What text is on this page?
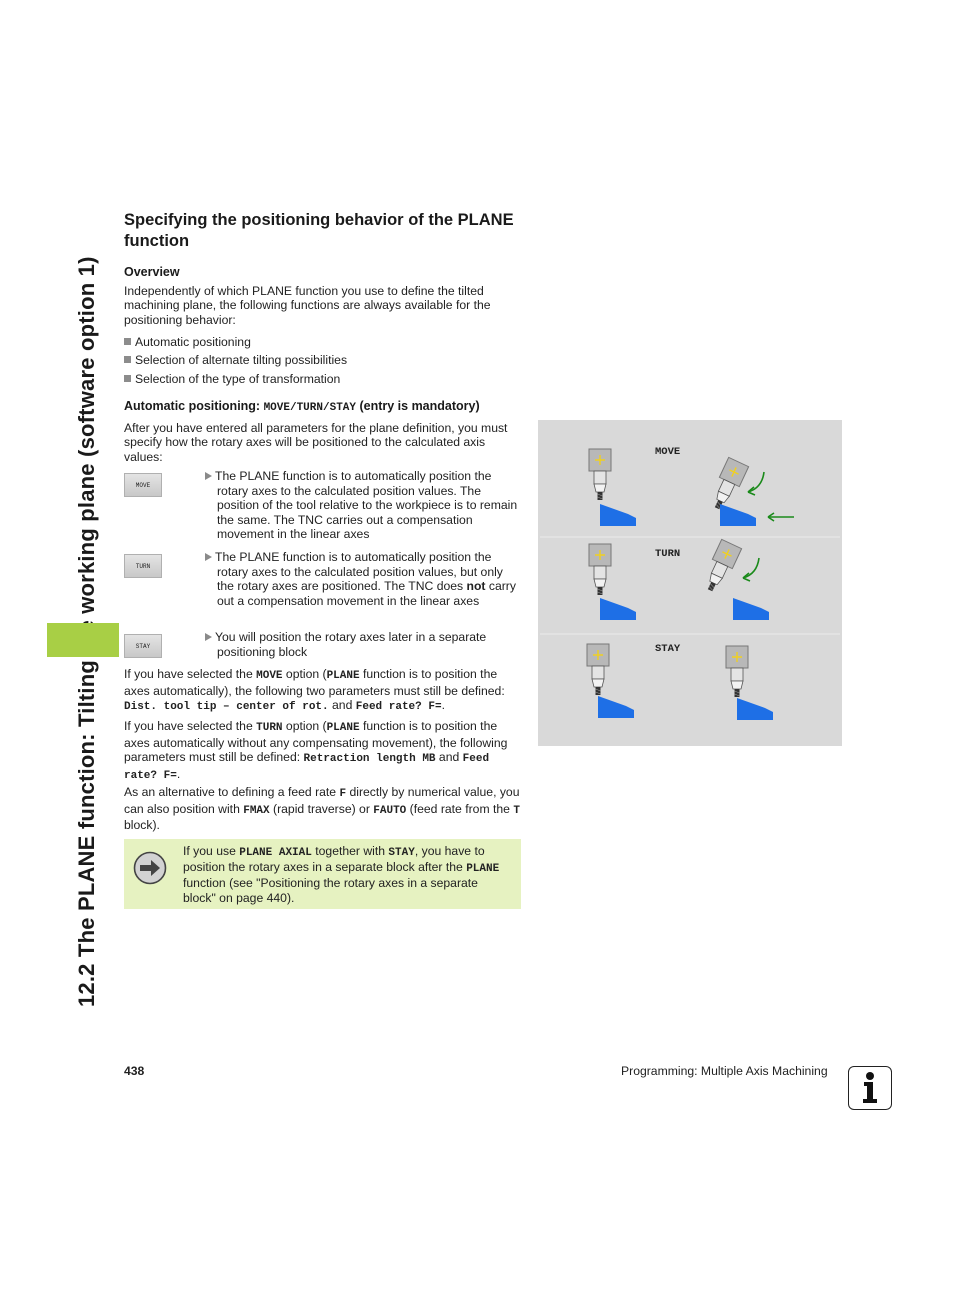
Specifying the positioning behavior of the PLANE function
Overview

Independently of which PLANE function you use to define the tilted machining plane, the following functions are always available for the positioning behavior:

Automatic positioning
Selection of alternate tilting possibilities
Selection of the type of transformation
Automatic positioning: MOVE/TURN/STAY (entry is mandatory)

After you have entered all parameters for the plane definition, you must specify how the rotary axes will be positioned to the calculated axis values:

MOVE
The PLANE function is to automatically position the
rotary axes to the calculated position values. The position of the tool relative to the workpiece is to remain the same. The TNC carries out a compensation movement in the linear axes
TURN
The PLANE function is to automatically position the
rotary axes to the calculated position values, but only the rotary axes are positioned. The TNC does not carry out a compensation movement in the linear axes
STAY
You will position the rotary axes later in a separate
positioning block

If you have selected the MOVE option (PLANE function is to position the axes automatically), the following two parameters must still be defined: Dist. tool tip – center of rot. and Feed rate? F=.

If you have selected the TURN option (PLANE function is to position the axes automatically without any compensating movement), the following parameters must still be defined: Retraction length MB and Feed rate? F=.

As an alternative to defining a feed rate F directly by numerical value, you can also position with FMAX (rapid traverse) or FAUTO (feed rate from the T block).

If you use PLANE AXIAL together with STAY, you have to position the rotary axes in a separate block after the PLANE function (see "Positioning the rotary axes in a separate block" on page 440).
MOVE
TURN
STAY
438	Programming: Multiple Axis Machining
